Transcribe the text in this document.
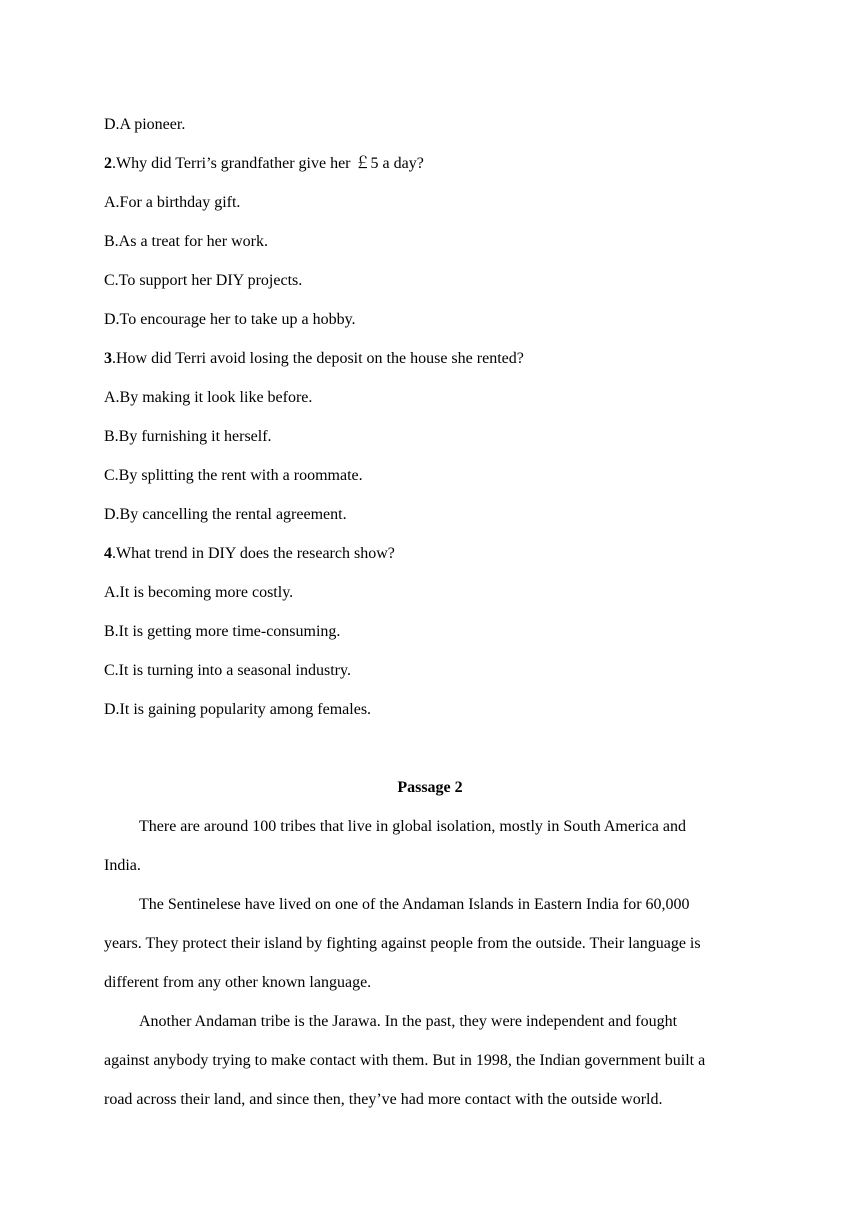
D.A pioneer.
2.Why did Terri’s grandfather give her ￡5 a day?
A.For a birthday gift.
B.As a treat for her work.
C.To support her DIY projects.
D.To encourage her to take up a hobby.
3.How did Terri avoid losing the deposit on the house she rented?
A.By making it look like before.
B.By furnishing it herself.
C.By splitting the rent with a roommate.
D.By cancelling the rental agreement.
4.What trend in DIY does the research show?
A.It is becoming more costly.
B.It is getting more time-consuming.
C.It is turning into a seasonal industry.
D.It is gaining popularity among females.
Passage 2
There are around 100 tribes that live in global isolation, mostly in South America and
India.
The Sentinelese have lived on one of the Andaman Islands in Eastern India for 60,000
years. They protect their island by fighting against people from the outside. Their language is
different from any other known language.
Another Andaman tribe is the Jarawa. In the past, they were independent and fought
against anybody trying to make contact with them. But in 1998, the Indian government built a
road across their land, and since then, they’ve had more contact with the outside world.
